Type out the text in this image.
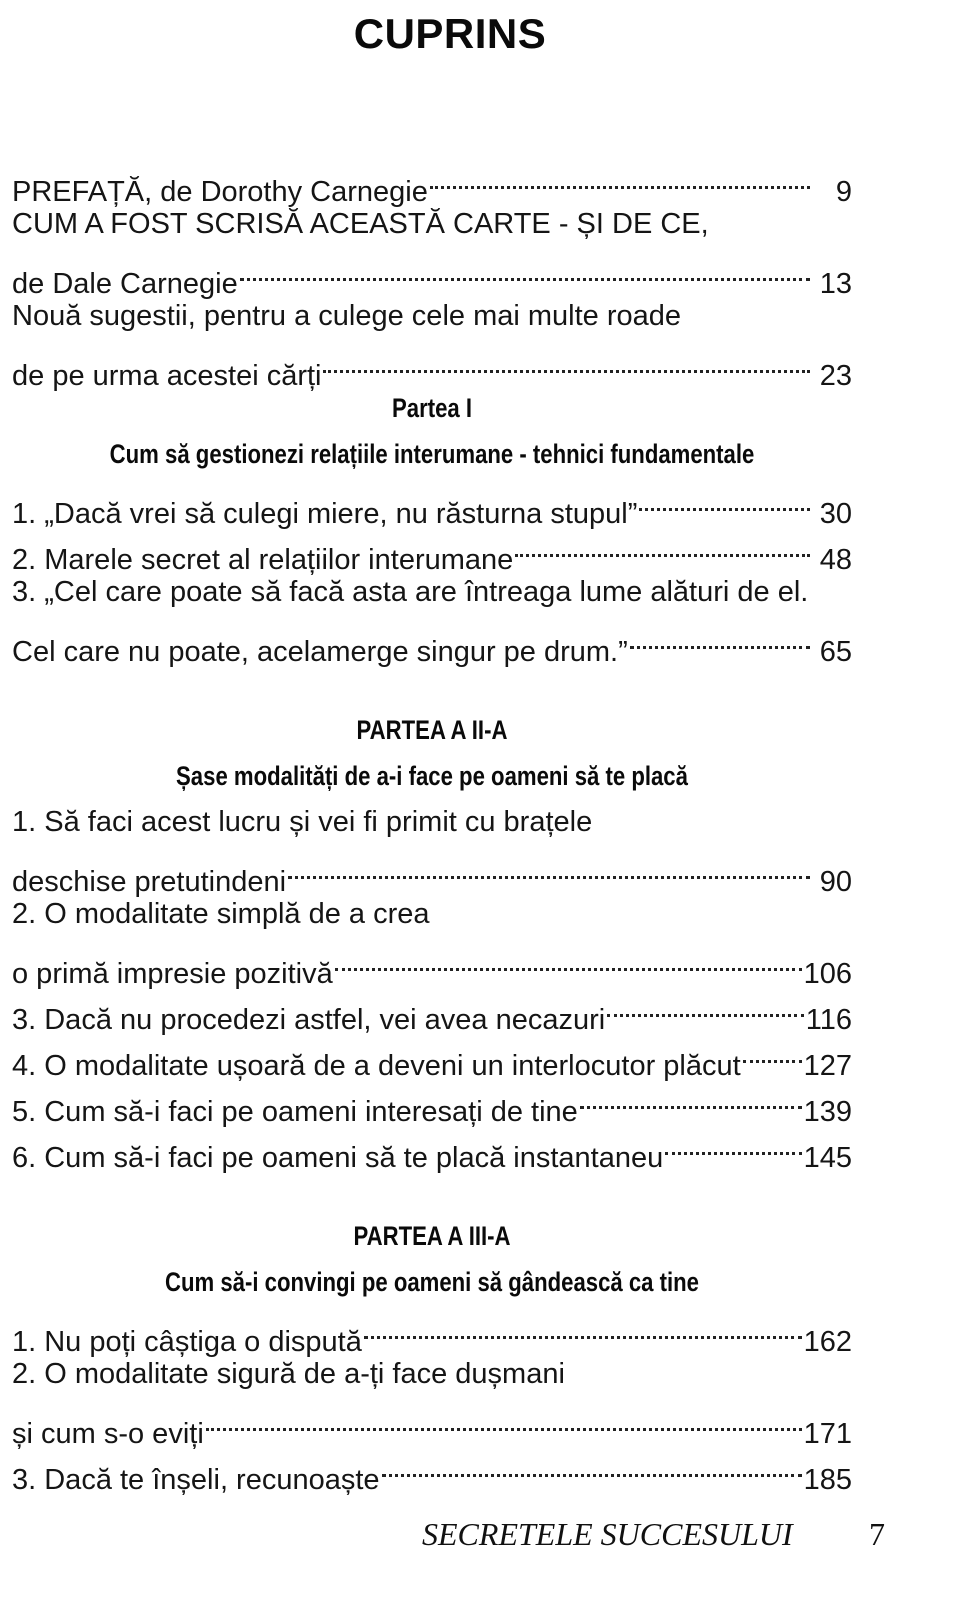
CUPRINS
PREFAȚĂ, de Dorothy Carnegie	9
CUM A FOST SCRISĂ ACEASTĂ CARTE - ȘI DE CE,
de Dale Carnegie	13
Nouă sugestii, pentru a culege cele mai multe roade
de pe urma acestei cărți	23
Partea I
Cum să gestionezi relațiile interumane - tehnici fundamentale
1. „Dacă vrei să culegi miere, nu răsturna stupul”	30
2. Marele secret al relațiilor interumane	48
3. „Cel care poate să facă asta are întreaga lume alături de el.
Cel care nu poate, acelamerge singur pe drum.”	65
PARTEA A II-A
Șase modalități de a-i face pe oameni să te placă
1. Să faci acest lucru și vei fi primit cu brațele
deschise pretutindeni	90
2. O modalitate simplă de a crea
o primă impresie pozitivă	106
3. Dacă nu procedezi astfel, vei avea necazuri	116
4. O modalitate ușoară de a deveni un interlocutor plăcut 127
5. Cum să-i faci pe oameni interesați de tine	139
6. Cum să-i faci pe oameni să te placă instantaneu	145
PARTEA A III-A
Cum să-i convingi pe oameni să gândească ca tine
1. Nu poți câștiga o dispută	162
2. O modalitate sigură de a-ți face dușmani
și cum s-o eviți	171
3. Dacă te înșeli, recunoaște	185
SECRETELE SUCCESULUI 7
